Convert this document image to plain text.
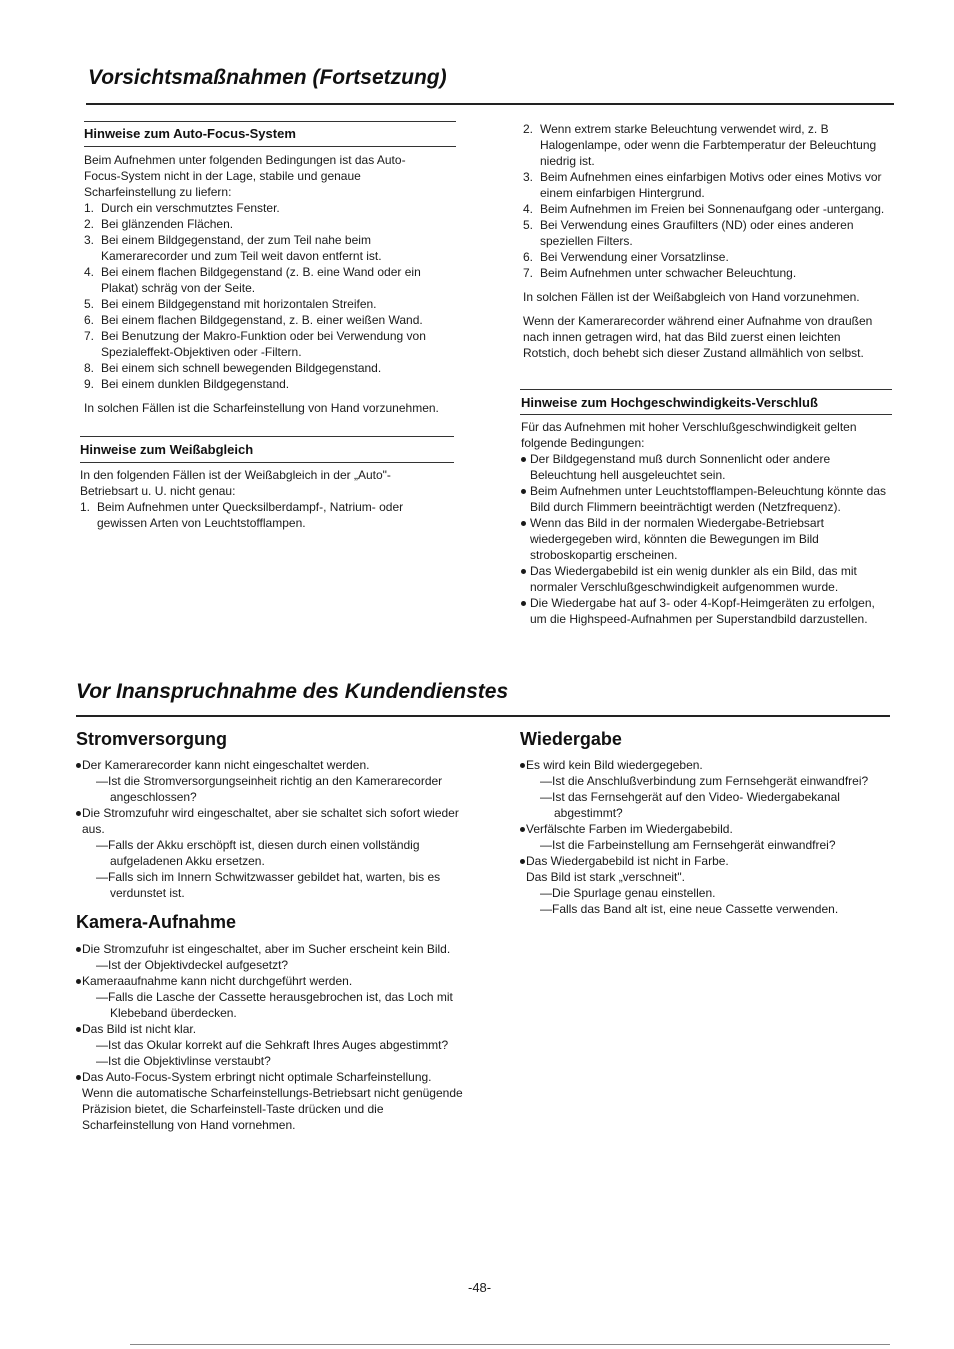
Vorsichtsmaßnahmen (Fortsetzung)
Hinweise zum Auto-Focus-System

Beim Aufnehmen unter folgenden Bedingungen ist das Auto-Focus-System nicht in der Lage, stabile und genaue Scharfeinstellung zu liefern:

1. Durch ein verschmutztes Fenster.
2. Bei glänzenden Flächen.
3. Bei einem Bildgegenstand, der zum Teil nahe beim Kamerarecorder und zum Teil weit davon entfernt ist.
4. Bei einem flachen Bildgegenstand (z. B. eine Wand oder ein Plakat) schräg von der Seite.
5. Bei einem Bildgegenstand mit horizontalen Streifen.
6. Bei einem flachen Bildgegenstand, z. B. einer weißen Wand.
7. Bei Benutzung der Makro-Funktion oder bei Verwendung von Spezialeffekt-Objektiven oder -Filtern.
8. Bei einem sich schnell bewegenden Bildgegenstand.
9. Bei einem dunklen Bildgegenstand.

In solchen Fällen ist die Scharfeinstellung von Hand vorzunehmen.

Hinweise zum Weißabgleich

In den folgenden Fällen ist der Weißabgleich in der „Auto"-Betriebsart u. U. nicht genau:

1. Beim Aufnehmen unter Quecksilberdampf-, Natrium- oder gewissen Arten von Leuchtstofflampen.
2. Wenn extrem starke Beleuchtung verwendet wird, z. B Halogenlampe, oder wenn die Farbtemperatur der Beleuchtung niedrig ist.
3. Beim Aufnehmen eines einfarbigen Motivs oder eines Motivs vor einem einfarbigen Hintergrund.
4. Beim Aufnehmen im Freien bei Sonnenaufgang oder -untergang.
5. Bei Verwendung eines Graufilters (ND) oder eines anderen speziellen Filters.
6. Bei Verwendung einer Vorsatzlinse.
7. Beim Aufnehmen unter schwacher Beleuchtung.

In solchen Fällen ist der Weißabgleich von Hand vorzunehmen.

Wenn der Kamerarecorder während einer Aufnahme von draußen nach innen getragen wird, hat das Bild zuerst einen leichten Rotstich, doch behebt sich dieser Zustand allmählich von selbst.

Hinweise zum Hochgeschwindigkeits-Verschluß

Für das Aufnehmen mit hoher Verschlußgeschwindigkeit gelten folgende Bedingungen:

Der Bildgegenstand muß durch Sonnenlicht oder andere Beleuchtung hell ausgeleuchtet sein.
Beim Aufnehmen unter Leuchtstofflampen-Beleuchtung könnte das Bild durch Flimmern beeinträchtigt werden (Netzfrequenz).
Wenn das Bild in der normalen Wiedergabe-Betriebsart wiedergegeben wird, könnten die Bewegungen im Bild stroboskopartig erscheinen.
Das Wiedergabebild ist ein wenig dunkler als ein Bild, das mit normaler Verschlußgeschwindigkeit aufgenommen wurde.
Die Wiedergabe hat auf 3- oder 4-Kopf-Heimgeräten zu erfolgen, um die Highspeed-Aufnahmen per Superstandbild darzustellen.
Vor Inanspruchnahme des Kundendienstes
Stromversorgung
Der Kamerarecorder kann nicht eingeschaltet werden.
—Ist die Stromversorgungseinheit richtig an den Kamerarecorder angeschlossen?
Die Stromzufuhr wird eingeschaltet, aber sie schaltet sich sofort wieder aus.
—Falls der Akku erschöpft ist, diesen durch einen vollständig aufgeladenen Akku ersetzen.
—Falls sich im Innern Schwitzwasser gebildet hat, warten, bis es verdunstet ist.
Kamera-Aufnahme
Die Stromzufuhr ist eingeschaltet, aber im Sucher erscheint kein Bild.
—Ist der Objektivdeckel aufgesetzt?
Kameraaufnahme kann nicht durchgeführt werden.
—Falls die Lasche der Cassette herausgebrochen ist, das Loch mit Klebeband überdecken.
Das Bild ist nicht klar.
—Ist das Okular korrekt auf die Sehkraft Ihres Auges abgestimmt?
—Ist die Objektivlinse verstaubt?
Das Auto-Focus-System erbringt nicht optimale Scharfeinstellung.
Wenn die automatische Scharfeinstellungs-Betriebsart nicht genügende Präzision bietet, die Scharfeinstell-Taste drücken und die Scharfeinstellung von Hand vornehmen.
Wiedergabe
Es wird kein Bild wiedergegeben.
—Ist die Anschlußverbindung zum Fernsehgerät einwandfrei?
—Ist das Fernsehgerät auf den Video- Wiedergabekanal abgestimmt?
Verfälschte Farben im Wiedergabebild.
—Ist die Farbeinstellung am Fernsehgerät einwandfrei?
Das Wiedergabebild ist nicht in Farbe.
Das Bild ist stark „verschneit".
—Die Spurlage genau einstellen.
—Falls das Band alt ist, eine neue Cassette verwenden.
-48-
